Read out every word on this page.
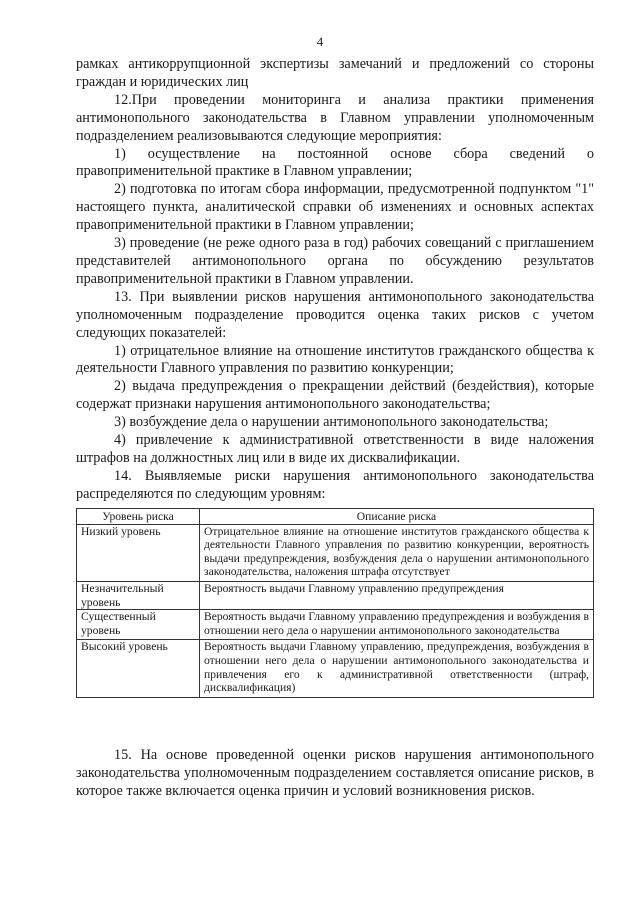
4

рамках антикоррупционной экспертизы замечаний и предложений со стороны граждан и юридических лиц

12.При проведении мониторинга и анализа практики применения антимонопольного законодательства в Главном управлении уполномоченным подразделением реализовываются следующие мероприятия:

1) осуществление на постоянной основе сбора сведений о правоприменительной практике в Главном управлении;

2) подготовка по итогам сбора информации, предусмотренной подпунктом "1" настоящего пункта, аналитической справки об изменениях и основных аспектах правоприменительной практики в Главном управлении;

3) проведение (не реже одного раза в год) рабочих совещаний с приглашением представителей антимонопольного органа по обсуждению результатов правоприменительной практики в Главном управлении.

13. При выявлении рисков нарушения антимонопольного законодательства уполномоченным подразделение проводится оценка таких рисков с учетом следующих показателей:

1) отрицательное влияние на отношение институтов гражданского общества к деятельности Главного управления по развитию конкуренции;

2) выдача предупреждения о прекращении действий (бездействия), которые содержат признаки нарушения антимонопольного законодательства;

3) возбуждение дела о нарушении антимонопольного законодательства;

4) привлечение к административной ответственности в виде наложения штрафов на должностных лиц или в виде их дисквалификации.

14. Выявляемые риски нарушения антимонопольного законодательства распределяются по следующим уровням:

Уровень риска	Описание риска
Низкий уровень	Отрицательное влияние на отношение институтов гражданского общества к деятельности Главного управления по развитию конкуренции, вероятность выдачи предупреждения, возбуждения дела о нарушении антимонопольного законодательства, наложения штрафа отсутствует
Незначительный уровень	Вероятность выдачи Главному управлению предупреждения
Существенный уровень	Вероятность выдачи Главному управлению предупреждения и возбуждения в отношении него дела о нарушении антимонопольного законодательства
Высокий уровень	Вероятность выдачи Главному управлению, предупреждения, возбуждения в отношении него дела о нарушении антимонопольного законодательства и привлечения его к административной ответственности (штраф, дисквалификация)

15. На основе проведенной оценки рисков нарушения антимонопольного законодательства уполномоченным подразделением составляется описание рисков, в которое также включается оценка причин и условий возникновения рисков.
